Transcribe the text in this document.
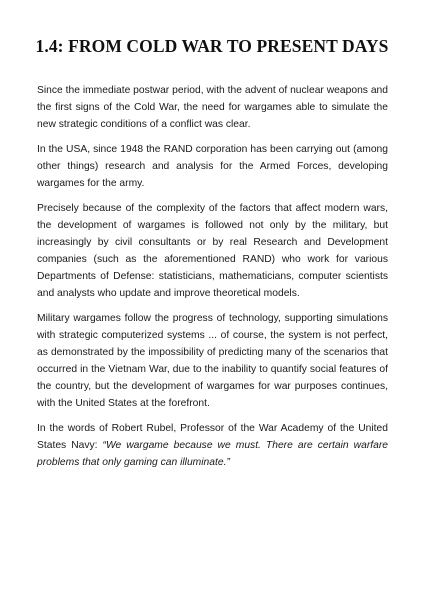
1.4: FROM COLD WAR TO PRESENT DAYS

Since the immediate postwar period, with the advent of nuclear weapons and the first signs of the Cold War, the need for wargames able to simulate the new strategic conditions of a conflict was clear.

In the USA, since 1948 the RAND corporation has been carrying out (among other things) research and analysis for the Armed Forces, developing wargames for the army.

Precisely because of the complexity of the factors that affect modern wars, the development of wargames is followed not only by the military, but increasingly by civil consultants or by real Research and Development companies (such as the aforementioned RAND) who work for various Departments of Defense: statisticians, mathematicians, computer scientists and analysts who update and improve theoretical models.

Military wargames follow the progress of technology, supporting simulations with strategic computerized systems ... of course, the system is not perfect, as demonstrated by the impossibility of predicting many of the scenarios that occurred in the Vietnam War, due to the inability to quantify social features of the country, but the development of wargames for war purposes continues, with the United States at the forefront.

In the words of Robert Rubel, Professor of the War Academy of the United States Navy: “We wargame because we must. There are certain warfare problems that only gaming can illuminate.”
